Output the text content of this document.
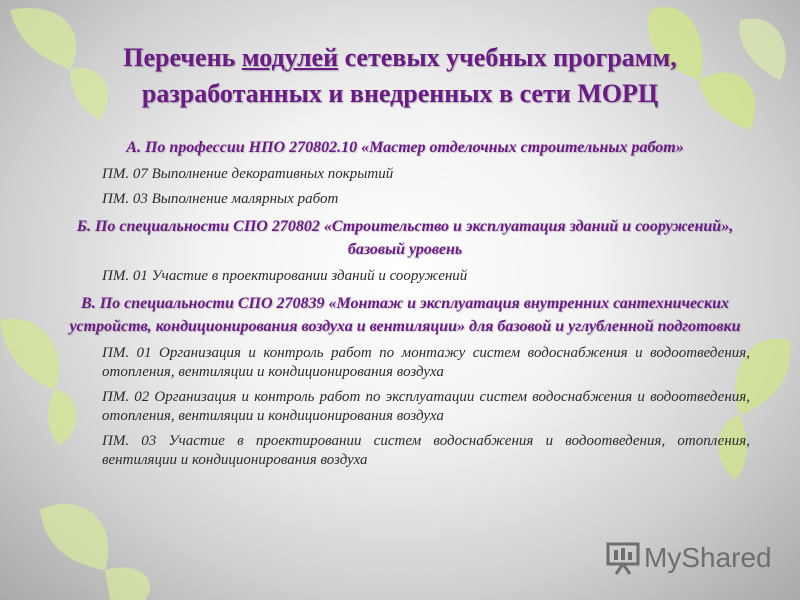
Перечень модулей сетевых учебных программ,
разработанных и внедренных в сети МОРЦ
А. По профессии НПО 270802.10 «Мастер отделочных строительных работ»
ПМ. 07 Выполнение декоративных покрытий
ПМ. 03 Выполнение малярных работ
Б. По специальности СПО 270802 «Строительство и эксплуатация зданий и сооружений», базовый уровень
ПМ. 01 Участие в проектировании зданий и сооружений
В. По специальности СПО 270839 «Монтаж и эксплуатация внутренних сантехнических устройств, кондиционирования воздуха и вентиляции» для базовой и углубленной подготовки
ПМ. 01 Организация и контроль работ по монтажу систем водоснабжения и водоотведения, отопления, вентиляции и кондиционирования воздуха
ПМ. 02 Организация и контроль работ по эксплуатации систем водоснабжения и водоотведения, отопления, вентиляции и кондиционирования воздуха
ПМ. 03 Участие в проектировании систем водоснабжения и водоотведения, отопления, вентиляции и кондиционирования воздуха
MyShared
